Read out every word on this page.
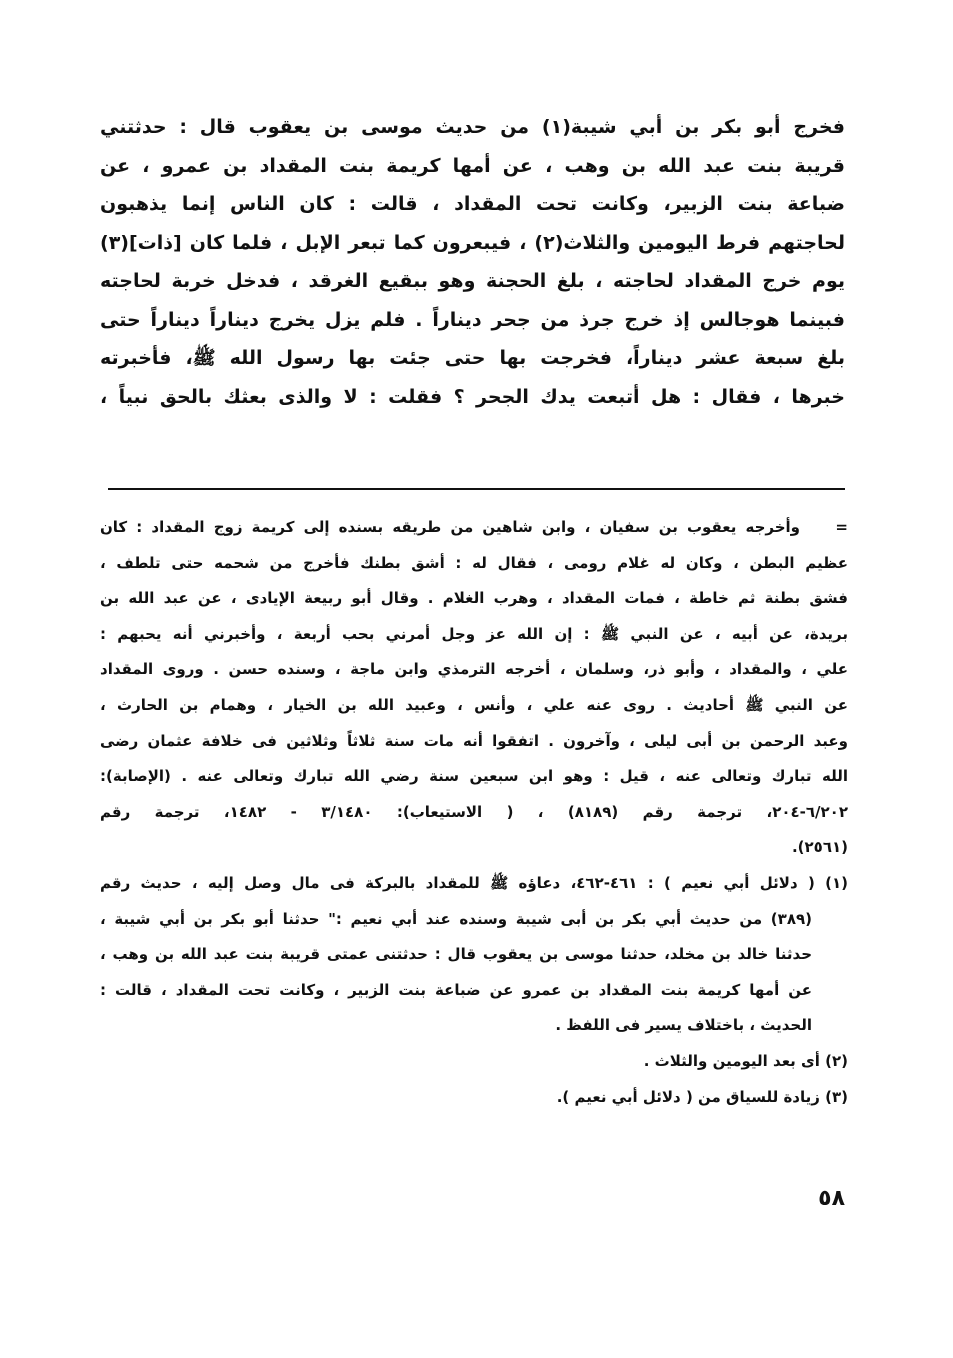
فخرج أبو بكر بن أبي شيبة(١) من حديث موسى بن يعقوب قال : حدثتني
قريبة بنت عبد الله بن وهب ، عن أمها كريمة بنت المقداد بن عمرو ، عن
ضباعة بنت الزبير، وكانت تحت المقداد ، قالت : كان الناس إنما يذهبون
لحاجتهم فرط اليومين والثلاث(٢) ، فيبعرون كما تبعر الإبل ، فلما كان [ذات](٣)
يوم خرج المقداد لحاجته ، بلغ الحجنة وهو ببقيع الغرقد ، فدخل خربة لحاجته
فبينما هوجالس إذ خرج جرذ من جحر ديناراً . فلم يزل يخرج ديناراً ديناراً حتى
بلغ سبعة عشر ديناراً، فخرجت بها حتى جئت بها رسول الله ﷺ، فأخبرته
خبرها ، فقال : هل أتبعت يدك الجحر ؟ فقلت : لا والذى بعثك بالحق نبياً ،
=
وأخرجه يعقوب بن سفيان ، وابن شاهين من طريقه بسنده إلى كريمة زوج المقداد : كان
عظيم البطن ، وكان له غلام رومى ، فقال له : أشق بطنك فأخرج من شحمه حتى تلطف ،
فشق بطنة ثم خاطة ، فمات المقداد ، وهرب الغلام . وقال أبو ربيعة الإيادى ، عن عبد الله بن
بريدة، عن أبيه ، عن النبي ﷺ : إن الله عز وجل أمرني بحب أربعة ، وأخبرني أنه يحبهم :
علي ، والمقداد ، وأبو ذر، وسلمان ، أخرجه الترمذي وابن ماجة ، وسنده حسن . وروى المقداد
عن النبي ﷺ أحاديث . روى عنه علي ، وأنس ، وعبيد الله بن الخيار ، وهمام بن الحارث ،
وعبد الرحمن بن أبى ليلى ، وآخرون . اتفقوا أنه مات سنة ثلاثاً وثلاثين فى خلافة عثمان رضى
الله تبارك وتعالى عنه ، قيل : وهو ابن سبعين سنة رضي الله تبارك وتعالى عنه . (الإصابة):
٦/٢٠٢-٢٠٤، ترجمة رقم (٨١٨٩) ، ( الاستيعاب): ٣/١٤٨٠ - ١٤٨٢، ترجمة رقم
(٢٥٦١).
(١) ( دلائل أبي نعيم ) : ٤٦١-٤٦٢، دعاؤه ﷺ للمقداد بالبركة فى مال وصل إليه ، حديث رقم
(٣٨٩) من حديث أبي بكر بن أبى شيبة وسنده عند أبي نعيم :" حدثنا أبو بكر بن أبي شيبة ،
حدثنا خالد بن مخلد، حدثنا موسى بن يعقوب قال : حدثتنى عمتى قريبة بنت عبد الله بن وهب ،
عن أمها كريمة بنت المقداد بن عمرو عن ضباعة بنت الزبير ، وكانت تحت المقداد ، قالت :
الحديث ، باختلاف يسير فى اللفظ .
(٢) أى بعد اليومين والثلاث .
(٣) زيادة للسياق من ( دلائل أبي نعيم ).
٥٨
